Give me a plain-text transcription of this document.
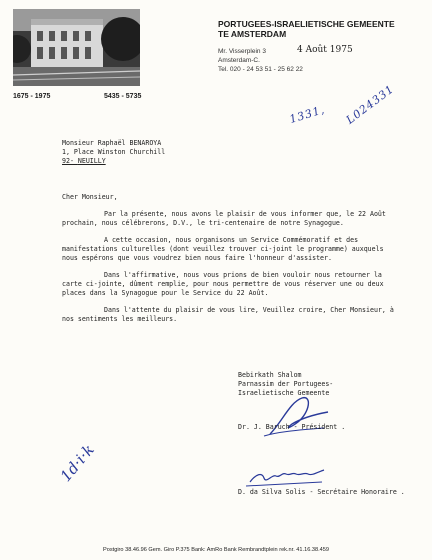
1675 - 1975	5435 - 5735
PORTUGEES-ISRAELIETISCHE GEMEENTE
TE AMSTERDAM
Mr. Visserplein 3
Amsterdam-C.
Tel. 020 - 24 53 51 - 25 62 22
4 Août 1975
1331, L024331
1d·i·k
Monsieur Raphaël BENAROYA
1, Place Winston Churchill
92- NEUILLY

Cher Monsieur,

Par la présente, nous avons le plaisir de vous informer que, le 22 Août prochain, nous célébrerons, D.V., le tri-centenaire de notre Synagogue.

A cette occasion, nous organisons un Service Commémoratif et des manifestations culturelles (dont veuillez trouver ci-joint le programme) auxquels nous espérons que vous voudrez bien nous faire l'honneur d'assister.

Dans l'affirmative, nous vous prions de bien vouloir nous retourner la carte ci-jointe, dûment remplie, pour nous permettre de vous réserver une ou deux places dans la Synagogue pour le Service du 22 Août.

Dans l'attente du plaisir de vous lire, Veuillez croire, Cher Monsieur, à nos sentiments les meilleurs.

Bebirkath Shalom
Parnassim der Portugees-
Israelietische Gemeente
Dr. J. Baruch - Président .
D. da Silva Solis - Secrétaire Honoraire .
Postgiro 38.46.96 Gem. Giro P.375 Bank: AmRo Bank Rembrandtplein rek.nr. 41.16.38.459
